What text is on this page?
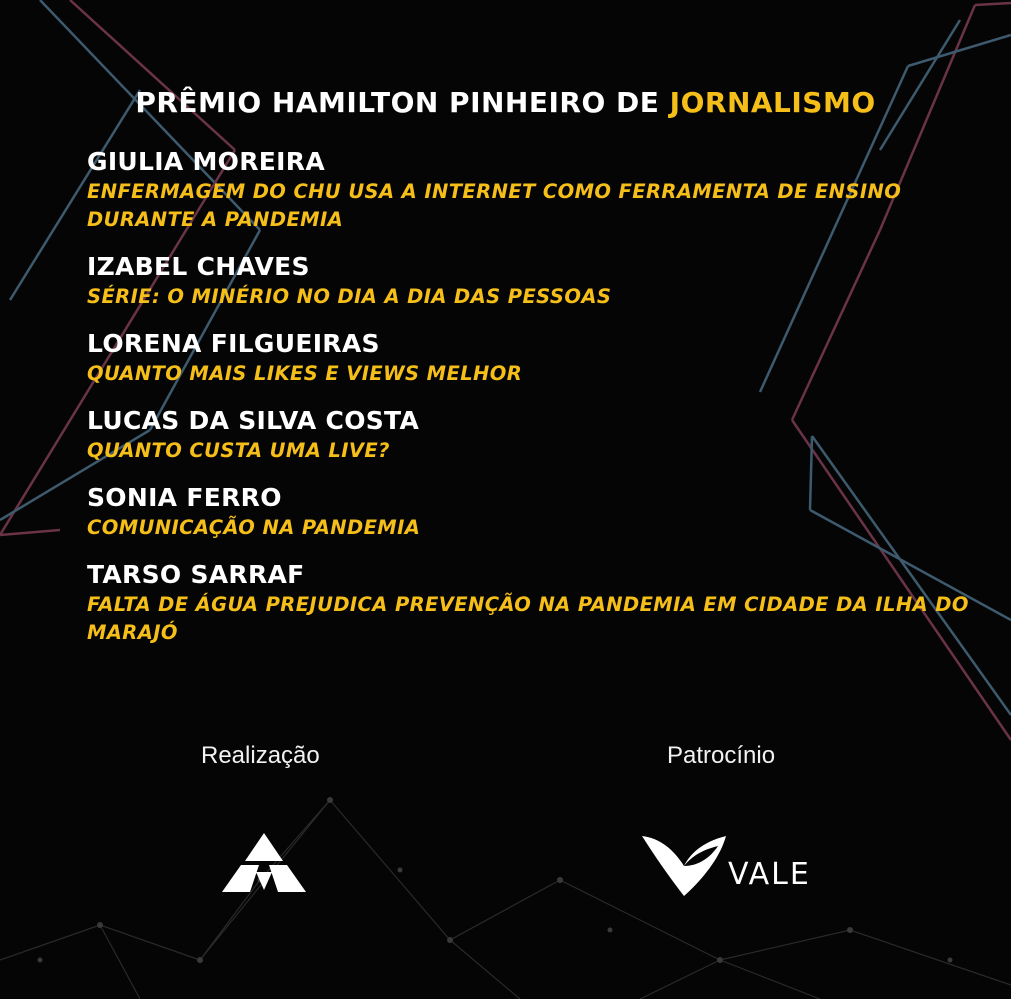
PRÊMIO HAMILTON PINHEIRO DE JORNALISMO
GIULIA MOREIRA
ENFERMAGEM DO CHU USA A INTERNET COMO FERRAMENTA DE ENSINO DURANTE A PANDEMIA
IZABEL CHAVES
SÉRIE: O MINÉRIO NO DIA A DIA DAS PESSOAS
LORENA FILGUEIRAS
QUANTO MAIS LIKES E VIEWS MELHOR
LUCAS DA SILVA COSTA
QUANTO CUSTA UMA LIVE?
SONIA FERRO
COMUNICAÇÃO NA PANDEMIA
TARSO SARRAF
FALTA DE ÁGUA PREJUDICA PREVENÇÃO NA PANDEMIA EM CIDADE DA ILHA DO MARAJÓ
Realização	Patrocínio
VALE
